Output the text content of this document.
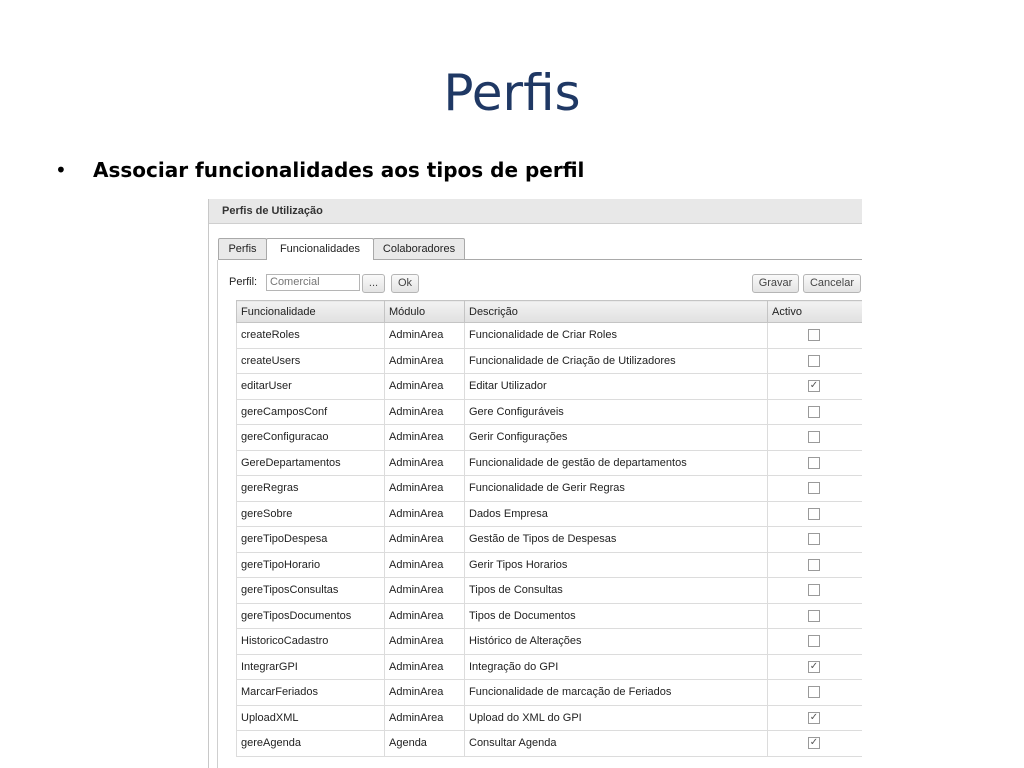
Perfis
• Associar funcionalidades aos tipos de perfil
Perfis de Utilização
Perfis	Funcionalidades	Colaboradores
Perfil:
Comercial	...	Ok	Gravar	Cancelar
Funcionalidade	Módulo	Descrição	Activo
createRoles	AdminArea	Funcionalidade de Criar Roles	

createUsers	AdminArea	Funcionalidade de Criação de Utilizadores	

editarUser	AdminArea	Editar Utilizador	✓

gereCamposConf	AdminArea	Gere Configuráveis	

gereConfiguracao	AdminArea	Gerir Configurações	

GereDepartamentos	AdminArea	Funcionalidade de gestão de departamentos	

gereRegras	AdminArea	Funcionalidade de Gerir Regras	

gereSobre	AdminArea	Dados Empresa	

gereTipoDespesa	AdminArea	Gestão de Tipos de Despesas	

gereTipoHorario	AdminArea	Gerir Tipos Horarios	

gereTiposConsultas	AdminArea	Tipos de Consultas	

gereTiposDocumentos	AdminArea	Tipos de Documentos	

HistoricoCadastro	AdminArea	Histórico de Alterações	

IntegrarGPI	AdminArea	Integração do GPI	✓

MarcarFeriados	AdminArea	Funcionalidade de marcação de Feriados	

UploadXML	AdminArea	Upload do XML do GPI	✓

gereAgenda	Agenda	Consultar Agenda	✓
